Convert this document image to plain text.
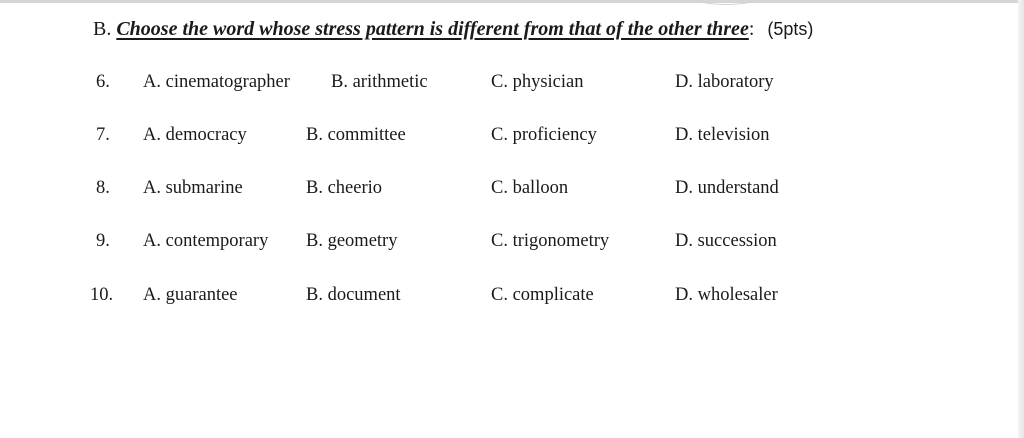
B. Choose the word whose stress pattern is different from that of the other three: (5pts)
6. A. cinematographer B. arithmetic	C. physician	D. laboratory
7. A. democracy	B. committee	C. proficiency	D. television
8. A. submarine	B. cheerio	C. balloon	D. understand
9. A. contemporary B. geometry	C. trigonometry	D. succession
10. A. guarantee	B. document	C. complicate	D. wholesaler
